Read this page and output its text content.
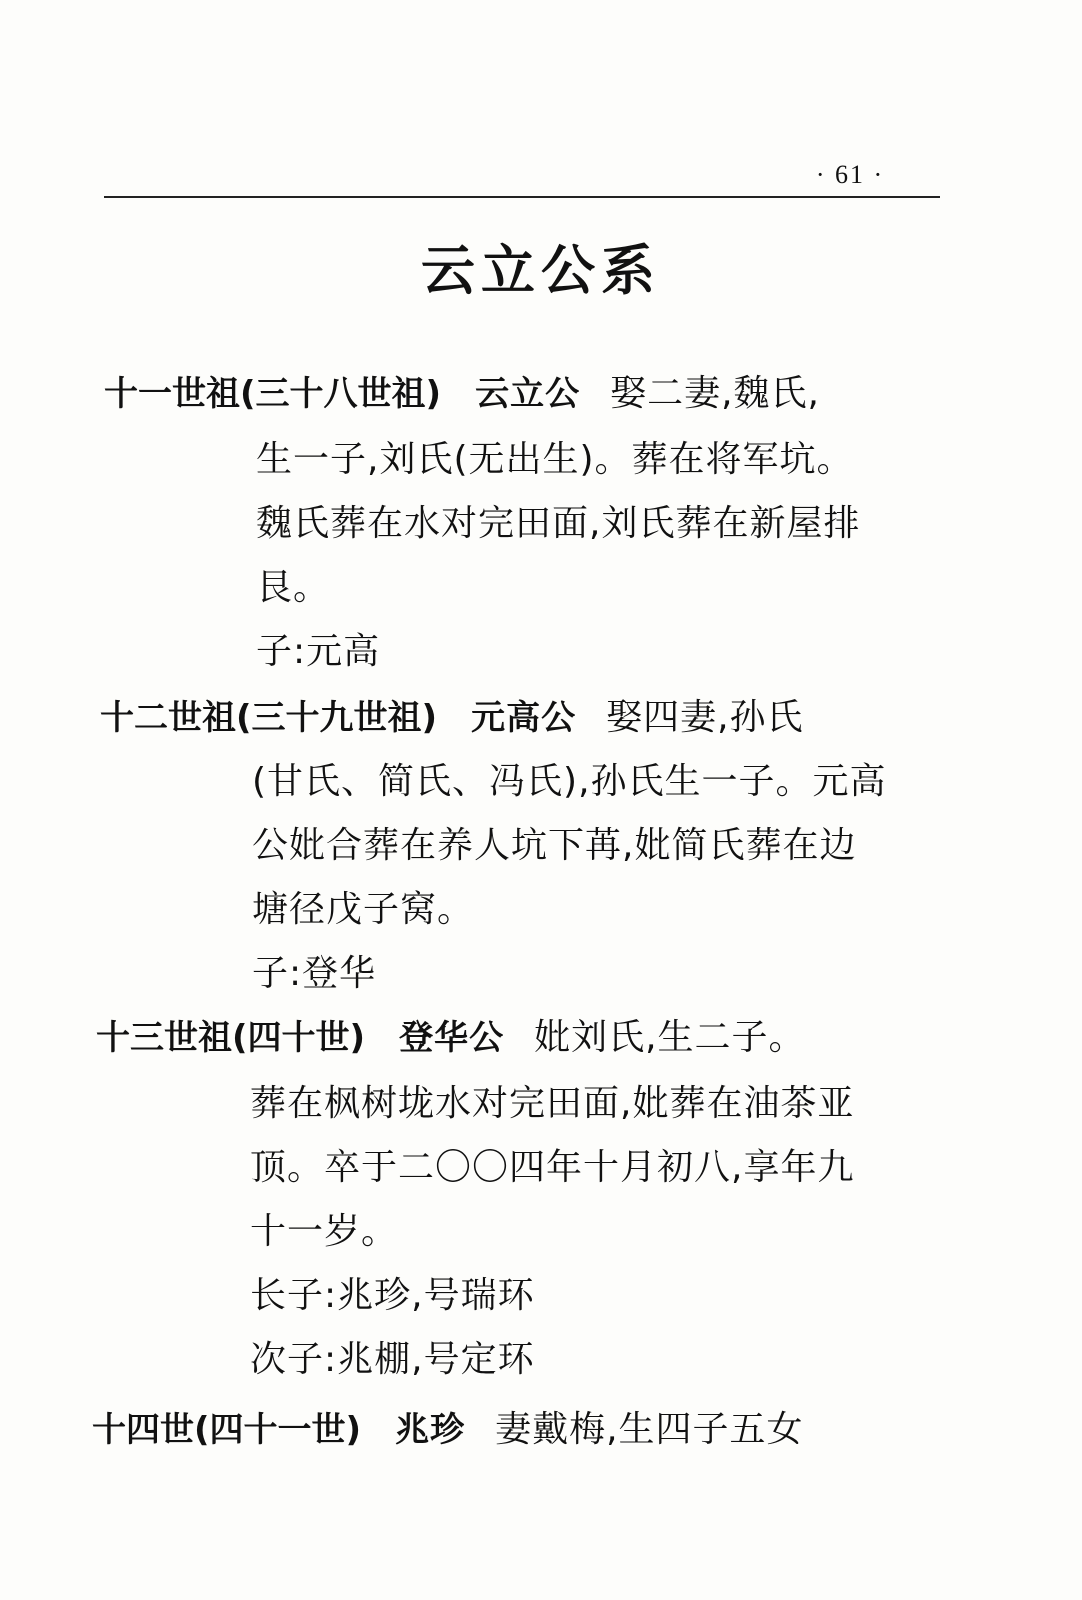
· 61 ·
云立公系
十一世祖(三十八世祖) 云立公 娶二妻,魏氏,
生一子,刘氏(无出生)。葬在将军坑。
魏氏葬在水对完田面,刘氏葬在新屋排
艮。
子:元高
十二世祖(三十九世祖) 元高公 娶四妻,孙氏
(甘氏、简氏、冯氏),孙氏生一子。元高
公妣合葬在养人坑下苒,妣简氏葬在边
塘径戊子窝。
子:登华
十三世祖(四十世) 登华公 妣刘氏,生二子。
葬在枫树垅水对完田面,妣葬在油茶亚
顶。卒于二〇〇四年十月初八,享年九
十一岁。
长子:兆珍,号瑞环
次子:兆棚,号定环
十四世(四十一世) 兆珍 妻戴梅,生四子五女
